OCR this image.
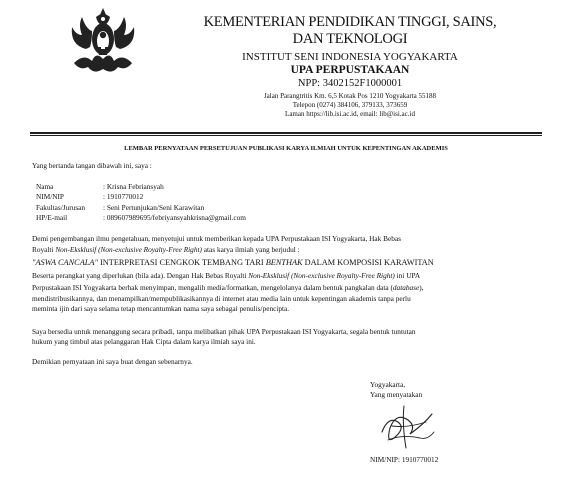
KEMENTERIAN PENDIDIKAN TINGGI, SAINS,
DAN TEKNOLOGI
INSTITUT SENI INDONESIA YOGYAKARTA
UPA PERPUSTAKAAN
NPP: 3402152F1000001
Jalan Parangtritis Km. 6,5 Kotak Pos 1210 Yogyakarta 55188
Telepon (0274) 384106, 379133, 373659
Laman https://lib.isi.ac.id, email: lib@isi.ac.id
LEMBAR PERNYATAAN PERSETUJUAN PUBLIKASI KARYA ILMIAH UNTUK KEPENTINGAN AKADEMIS
Yang bertanda tangan dibawah ini, saya :
Nama	: Krisna Febriansyah
NIM/NIP	: 1910770012
Fakultas/Jurusan : Seni Pertunjukan/Seni Karawitan
HP/E-mail	: 089607989695/febriyansyahkrisna@gmail.com
Demi pengembangan ilmu pengetahuan, menyetujui untuk memberikan kepada UPA Perpustakaan ISI Yogyakarta, Hak Bebas
Royalti Non-Eksklusif (Non-exclusive Royalty-Free Right) atas karya ilmiah yang berjudul :
"ASWA CANCALA" INTERPRETASI CENGKOK TEMBANG TARI BENTHAK DALAM KOMPOSISI KARAWITAN
Beserta perangkat yang diperlukan (bila ada). Dengan Hak Bebas Royalti Non-Eksklusif (Non-exclusive Royalty-Free Right) ini UPA
Perpustakaan ISI Yogyakarta berhak menyimpan, mengalih media/formatkan, mengelolanya dalam bentuk pangkalan data (database),
mendistribusikannya, dan menampilkan/mempublikasikannya di internet atau media lain untuk kepentingan akademis tanpa perlu
meminta ijin dari saya selama tetap mencantumkan nama saya sebagai penulis/pencipta.
Saya bersedia untuk menanggung secara pribadi, tanpa melibatkan pihak UPA Perpustakaan ISI Yogyakarta, segala bentuk tuntutan
hukum yang timbul atas pelanggaran Hak Cipta dalam karya ilmiah saya ini.
Demikian pernyataan ini saya buat dengan sebenarnya.
Yogyakarta,
Yang menyatakan
NIM/NIP: 1910770012
